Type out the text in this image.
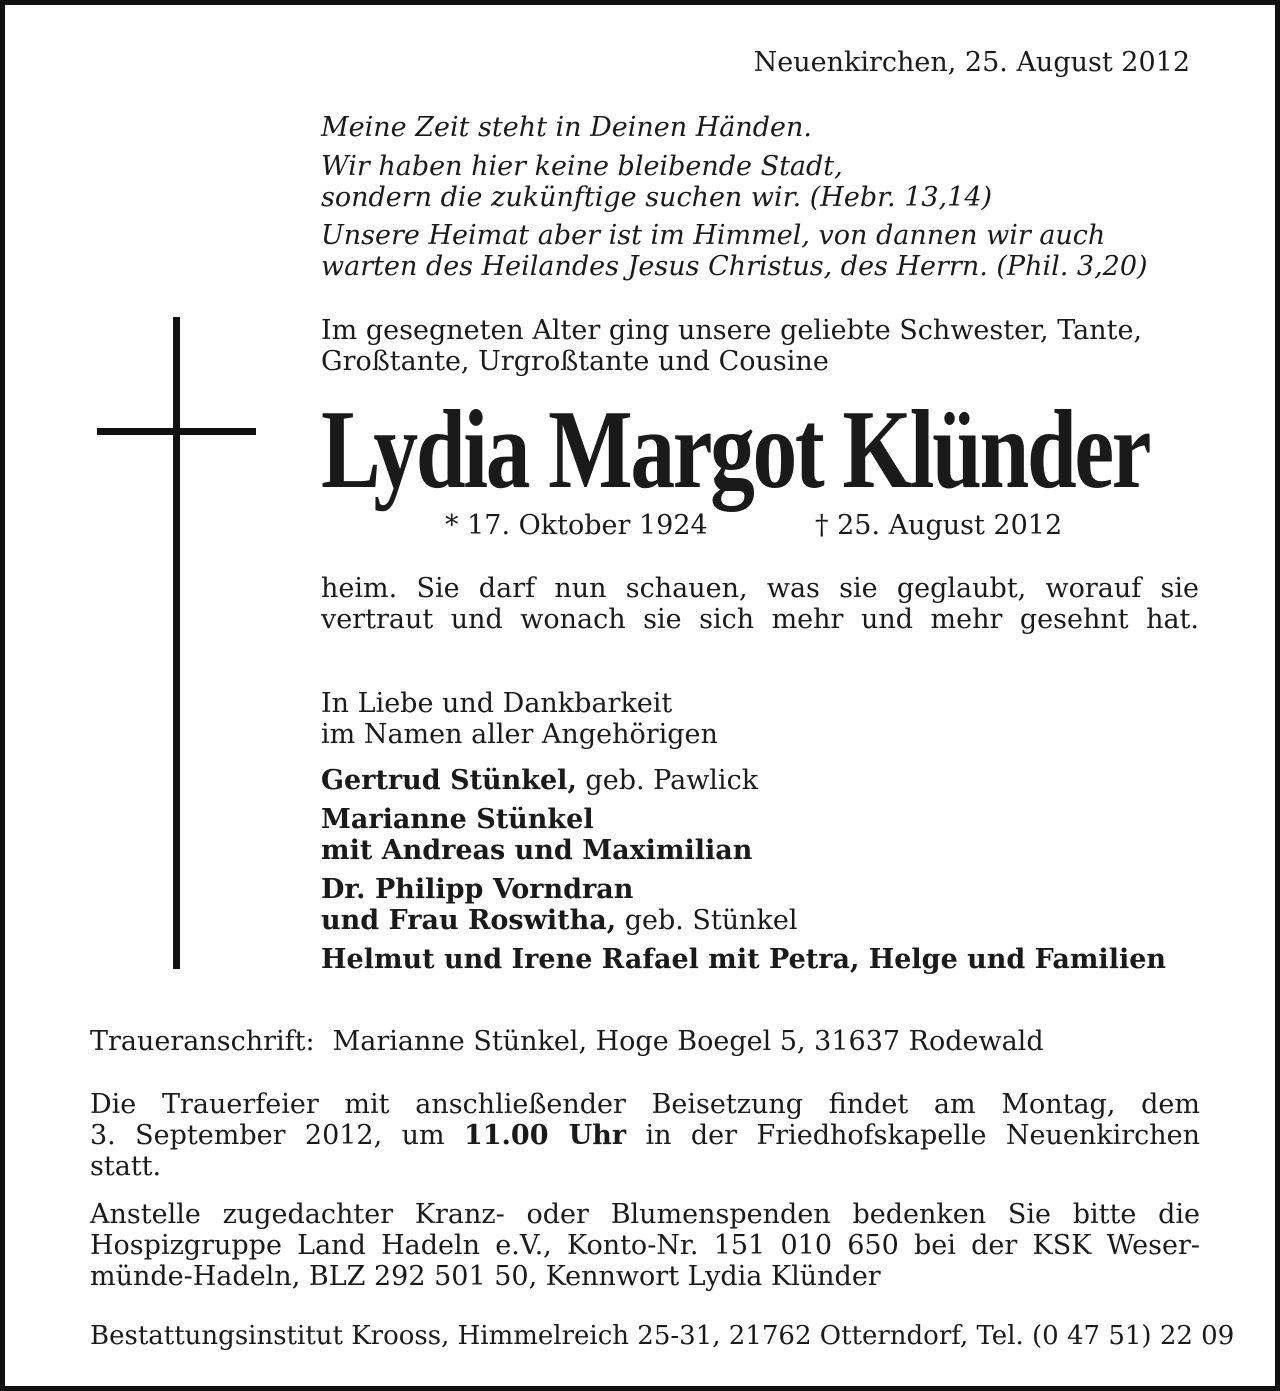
Neuenkirchen, 25. August 2012
Meine Zeit steht in Deinen Händen.
Wir haben hier keine bleibende Stadt,
sondern die zukünftige suchen wir. (Hebr. 13,14)
Unsere Heimat aber ist im Himmel, von dannen wir auch
warten des Heilandes Jesus Christus, des Herrn. (Phil. 3,20)
Im gesegneten Alter ging unsere geliebte Schwester, Tante,
Großtante, Urgroßtante und Cousine
Lydia Margot Klünder
* 17. Oktober 1924	† 25. August 2012
heim. Sie darf nun schauen, was sie geglaubt, worauf sie
vertraut und wonach sie sich mehr und mehr gesehnt hat.
In Liebe und Dankbarkeit
im Namen aller Angehörigen
Gertrud Stünkel, geb. Pawlick
Marianne Stünkel
mit Andreas und Maximilian
Dr. Philipp Vorndran
und Frau Roswitha, geb. Stünkel
Helmut und Irene Rafael mit Petra, Helge und Familien
Traueranschrift: Marianne Stünkel, Hoge Boegel 5, 31637 Rodewald
Die Trauerfeier mit anschließender Beisetzung findet am Montag, dem
3. September 2012, um 11.00 Uhr in der Friedhofskapelle Neuenkirchen
statt.
Anstelle zugedachter Kranz- oder Blumenspenden bedenken Sie bitte die
Hospizgruppe Land Hadeln e.V., Konto-Nr. 151 010 650 bei der KSK Weser-
münde-Hadeln, BLZ 292 501 50, Kennwort Lydia Klünder
Bestattungsinstitut Krooss, Himmelreich 25-31, 21762 Otterndorf, Tel. (0 47 51) 22 09
